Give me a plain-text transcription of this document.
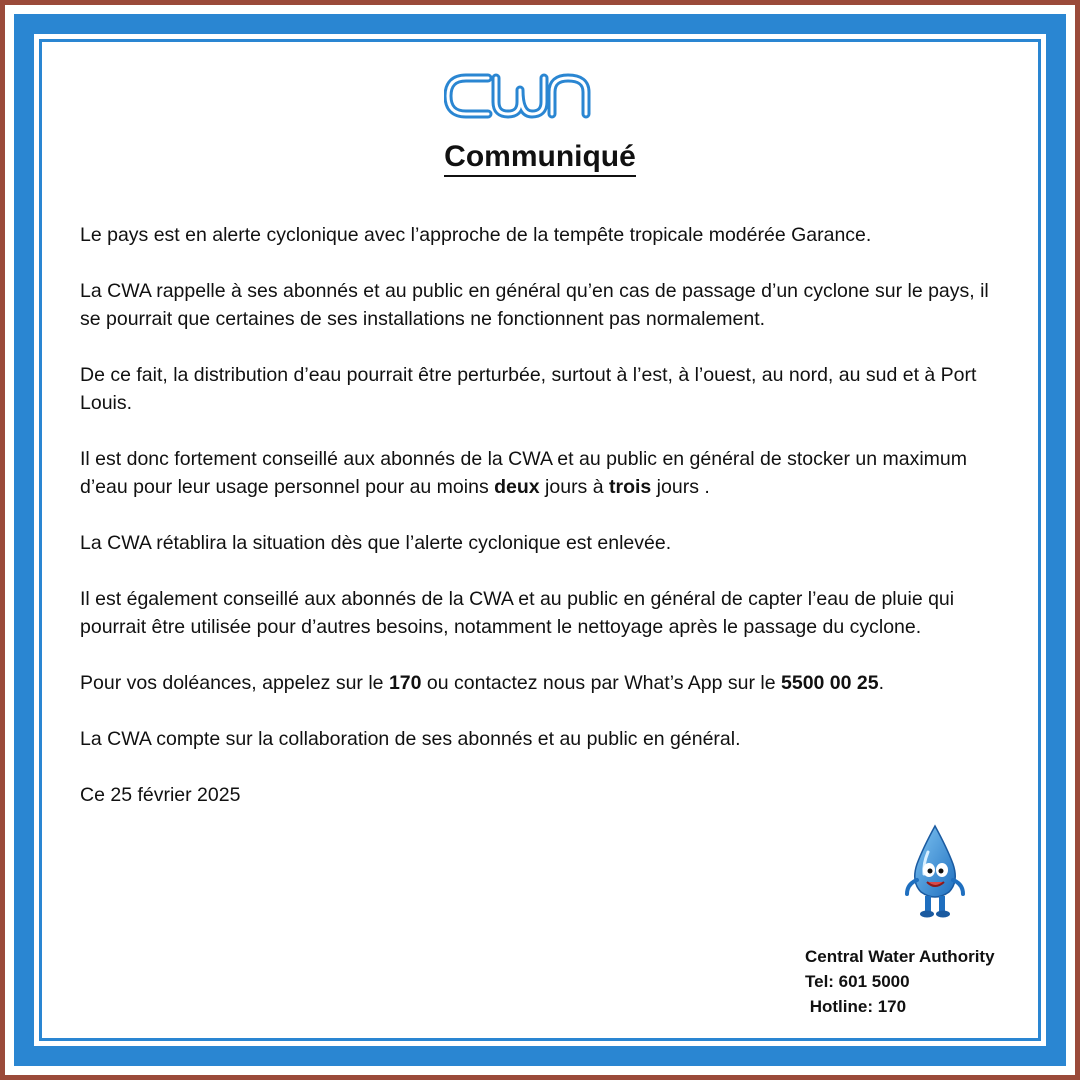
Communiqué

Le pays est en alerte cyclonique avec l’approche de la tempête tropicale modérée Garance.

La CWA rappelle à ses abonnés et au public en général qu’en cas de passage d’un cyclone sur le pays, il se pourrait que certaines de ses installations ne fonctionnent pas normalement.

De ce fait, la distribution d’eau pourrait être perturbée, surtout à l’est, à l’ouest, au nord, au sud et à Port Louis.

Il est donc fortement conseillé aux abonnés de la CWA et au public en général de stocker un maximum d’eau pour leur usage personnel pour au moins deux jours à trois jours .

La CWA rétablira la situation dès que l’alerte cyclonique est enlevée.

Il est également conseillé aux abonnés de la CWA et au public en général de capter l’eau de pluie qui pourrait être utilisée pour d’autres besoins, notamment le nettoyage après le passage du cyclone.

Pour vos doléances, appelez sur le 170 ou contactez nous par What’s App sur le 5500 00 25.

La CWA compte sur la collaboration de ses abonnés et au public en général.

Ce 25 février 2025

Central Water Authority
Tel: 601 5000
Hotline: 170
